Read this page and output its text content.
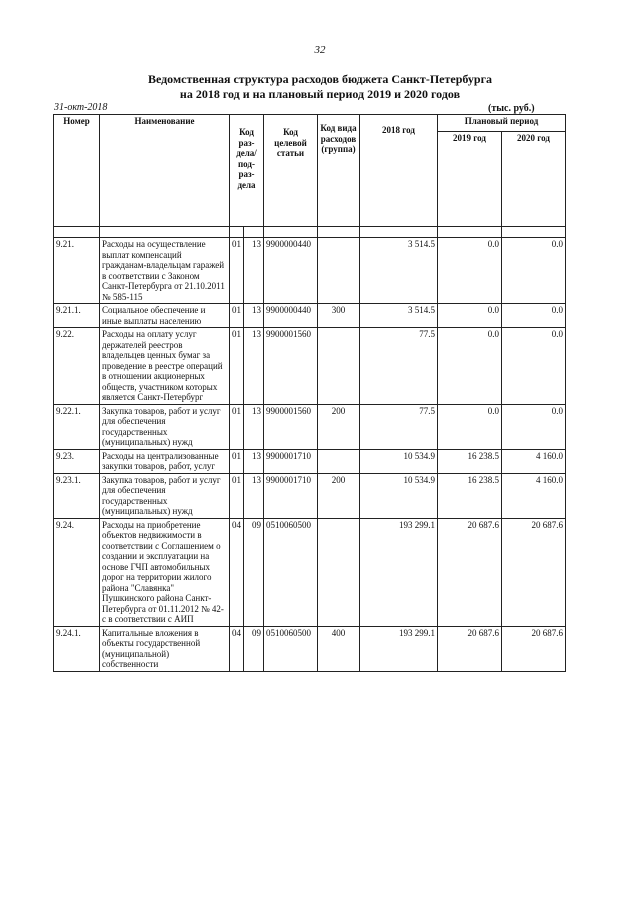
32
Ведомственная структура расходов бюджета Санкт-Петербурга
на 2018 год и на плановый период 2019 и 2020 годов
31-окт-2018	(тыс. руб.)
Номер	Наименование	Код раз-дела/ под-раз-дела		Код целевой статьи	Код вида расходов (группа)	2018 год	Плановый период	
							2019 год	2020 год

9.21.	Расходы на осуществление выплат компенсаций гражданам-владельцам гаражей в соответствии с Законом Санкт-Петербурга от 21.10.2011 № 585-115	01	13	9900000440		3 514.5	0.0	0.0
9.21.1.	Социальное обеспечение и иные выплаты населению	01	13	9900000440	300	3 514.5	0.0	0.0
9.22.	Расходы на оплату услуг держателей реестров владельцев ценных бумаг за проведение в реестре операций в отношении акционерных обществ, участником которых является Санкт-Петербург	01	13	9900001560		77.5	0.0	0.0
9.22.1.	Закупка товаров, работ и услуг для обеспечения государственных (муниципальных) нужд	01	13	9900001560	200	77.5	0.0	0.0
9.23.	Расходы на централизованные закупки товаров, работ, услуг	01	13	9900001710		10 534.9	16 238.5	4 160.0
9.23.1.	Закупка товаров, работ и услуг для обеспечения государственных (муниципальных) нужд	01	13	9900001710	200	10 534.9	16 238.5	4 160.0
9.24.	Расходы на приобретение объектов недвижимости в соответствии с Соглашением о создании и эксплуатации на основе ГЧП автомобильных дорог на территории жилого района "Славянка" Пушкинского района Санкт-Петербурга от 01.11.2012 № 42-с в соответствии с АИП	04	09	0510060500		193 299.1	20 687.6	20 687.6
9.24.1.	Капитальные вложения в объекты государственной (муниципальной) собственности	04	09	0510060500	400	193 299.1	20 687.6	20 687.6
